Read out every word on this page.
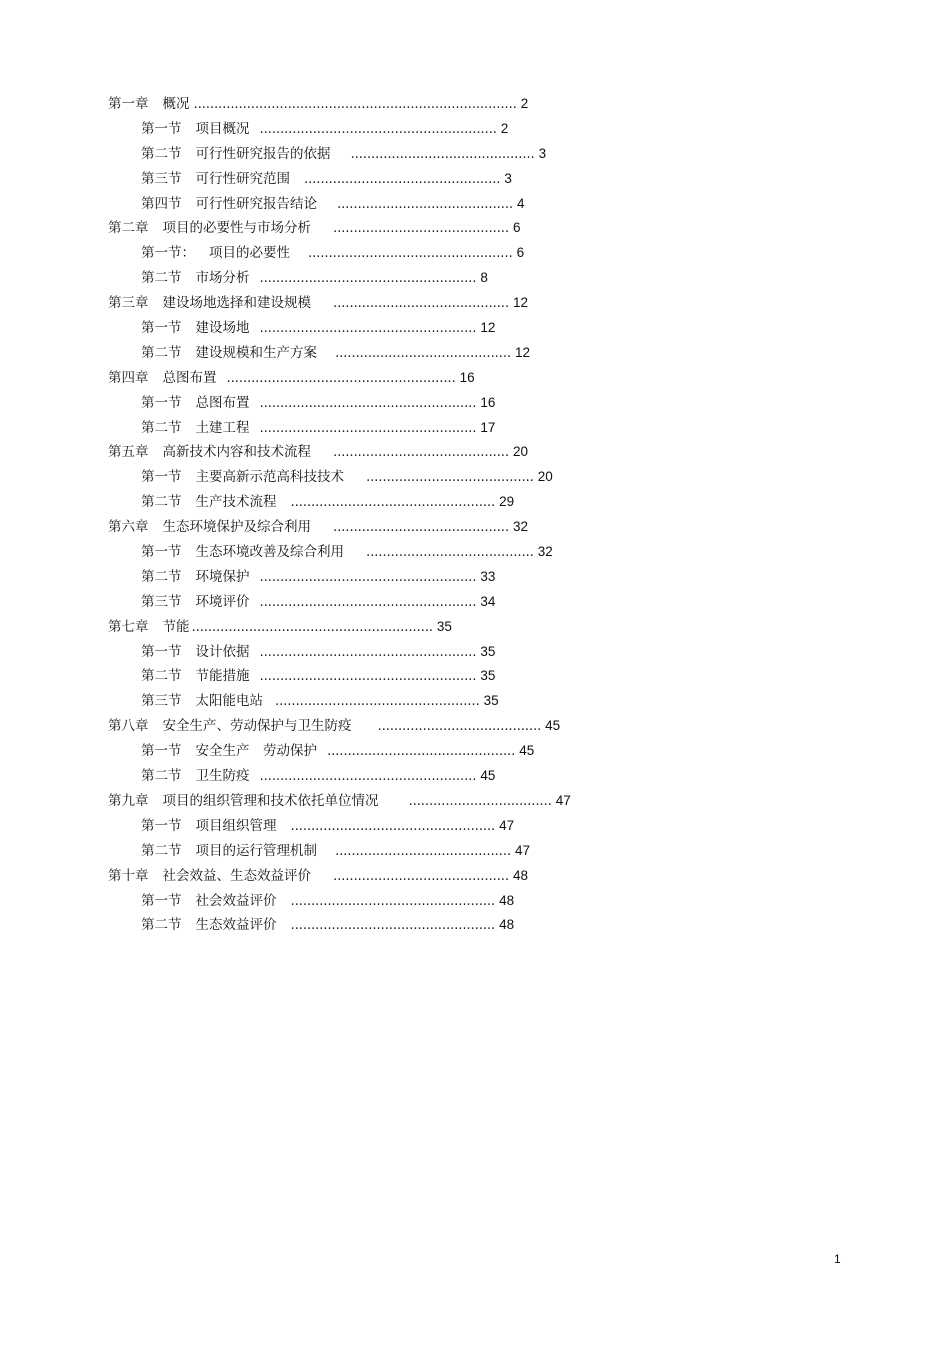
第一章 概况............................................................................... 2
第一节 项目概况 .......................................................... 2
第二节 可行性研究报告的依据 ............................................. 3
第三节 可行性研究范围 ................................................ 3
第四节 可行性研究报告结论 ........................................... 4
第二章 项目的必要性与市场分析 ........................................... 6
第一节： 项目的必要性 .................................................. 6
第二节 市场分析 ..................................................... 8
第三章 建设场地选择和建设规模 ........................................... 12
第一节 建设场地 ..................................................... 12
第二节 建设规模和生产方案 ........................................... 12
第四章 总图布置 ........................................................ 16
第一节 总图布置 ..................................................... 16
第二节 土建工程 ..................................................... 17
第五章 高新技术内容和技术流程 ........................................... 20
第一节 主要高新示范高科技技术 ......................................... 20
第二节 生产技术流程 .................................................. 29
第六章 生态环境保护及综合利用 ........................................... 32
第一节 生态环境改善及综合利用 ......................................... 32
第二节 环境保护 ..................................................... 33
第三节 环境评价 ..................................................... 34
第七章 节能........................................................... 35
第一节 设计依据 ..................................................... 35
第二节 节能措施 ..................................................... 35
第三节 太阳能电站 .................................................. 35
第八章 安全生产、劳动保护与卫生防疫 ........................................ 45
第一节 安全生产　劳动保护 .............................................. 45
第二节 卫生防疫 ..................................................... 45
第九章 项目的组织管理和技术依托单位情况 ................................... 47
第一节 项目组织管理 .................................................. 47
第二节 项目的运行管理机制 ........................................... 47
第十章 社会效益、生态效益评价 ........................................... 48
第一节 社会效益评价 .................................................. 48
第二节 生态效益评价 .................................................. 48
1
